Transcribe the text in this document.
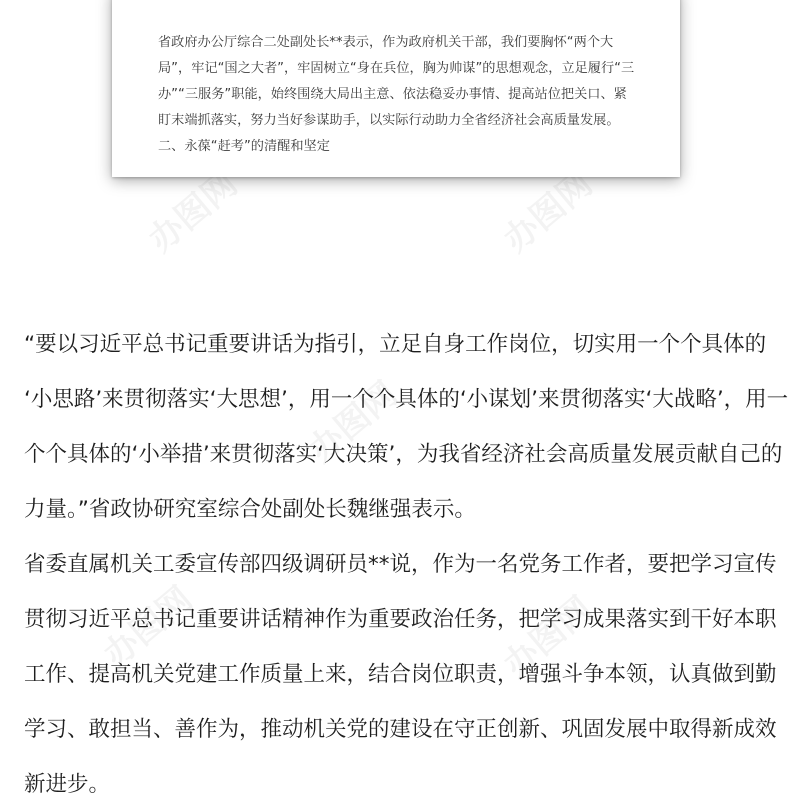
办图网	办图网
办图网
办图网	办图网

省政府办公厅综合二处副处长**表示，作为政府机关干部，我们要胸怀“两个大

局”，牢记“国之大者”，牢固树立“身在兵位，胸为帅谋”的思想观念，立足履行“三

办”“三服务”职能，始终围绕大局出主意、依法稳妥办事情、提高站位把关口、紧

盯末端抓落实，努力当好参谋助手，以实际行动助力全省经济社会高质量发展。

二、永葆“赶考”的清醒和坚定

“要以习近平总书记重要讲话为指引，立足自身工作岗位，切实用一个个具体的

‘小思路’来贯彻落实‘大思想’，用一个个具体的‘小谋划’来贯彻落实‘大战略’，用一

个个具体的‘小举措’来贯彻落实‘大决策’，为我省经济社会高质量发展贡献自己的

力量。”省政协研究室综合处副处长魏继强表示。

省委直属机关工委宣传部四级调研员**说，作为一名党务工作者，要把学习宣传

贯彻习近平总书记重要讲话精神作为重要政治任务，把学习成果落实到干好本职

工作、提高机关党建工作质量上来，结合岗位职责，增强斗争本领，认真做到勤

学习、敢担当、善作为，推动机关党的建设在守正创新、巩固发展中取得新成效

新进步。
